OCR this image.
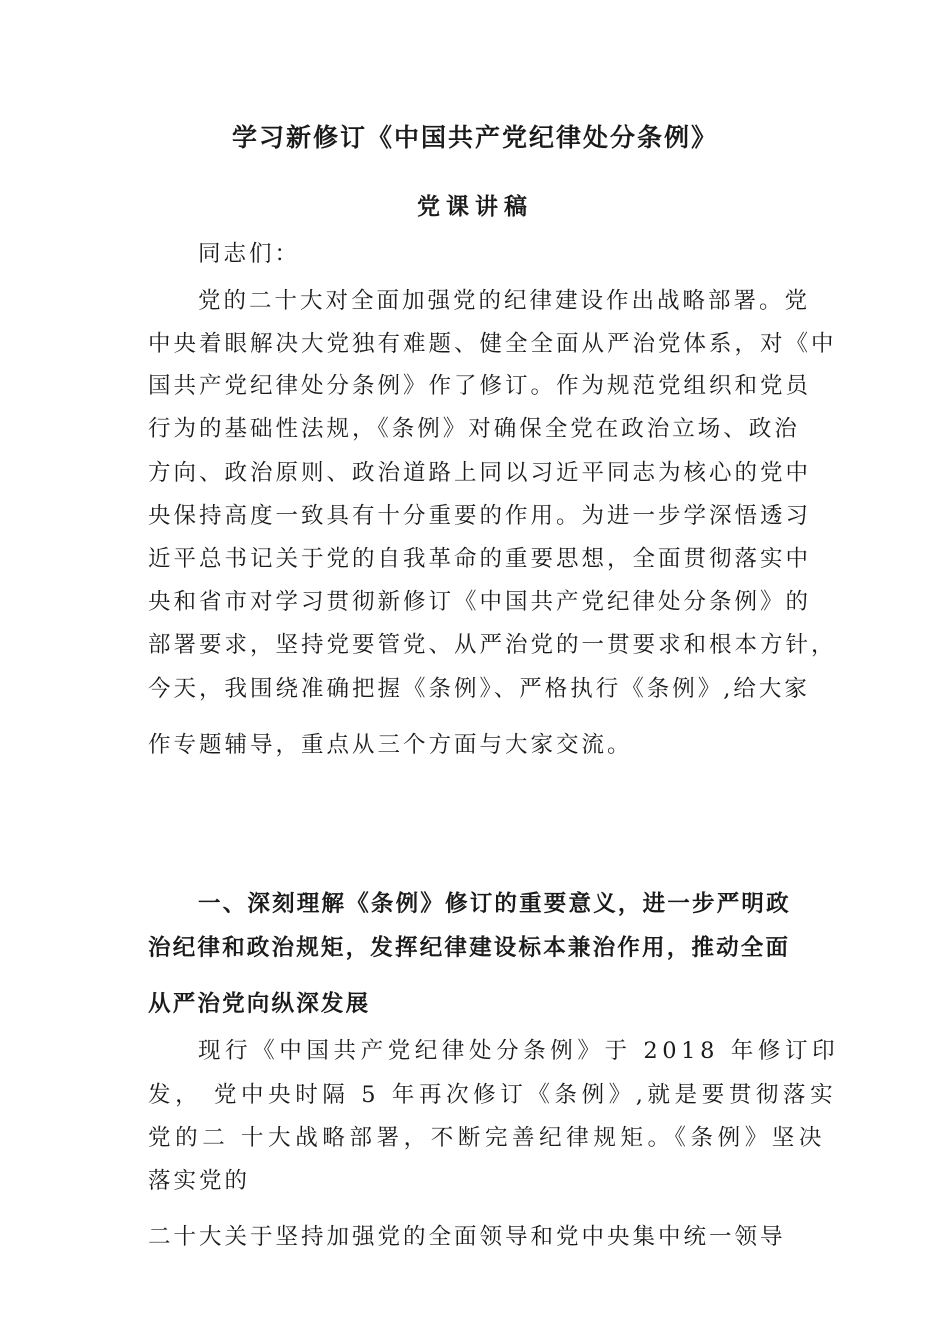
学习新修订《中国共产党纪律处分条例》
党课讲稿
同志们：
党的二十大对全面加强党的纪律建设作出战略部署。党
中央着眼解决大党独有难题、健全全面从严治党体系，对《中
国共产党纪律处分条例》作了修订。作为规范党组织和党员
行为的基础性法规，《条例》对确保全党在政治立场、政治
方向、政治原则、政治道路上同以习近平同志为核心的党中
央保持高度一致具有十分重要的作用。为进一步学深悟透习
近平总书记关于党的自我革命的重要思想，全面贯彻落实中
央和省市对学习贯彻新修订《中国共产党纪律处分条例》的
部署要求，坚持党要管党、从严治党的一贯要求和根本方针，
今天，我围绕准确把握《条例》、严格执行《条例》,给大家
作专题辅导，重点从三个方面与大家交流。
一、深刻理解《条例》修订的重要意义，进一步严明政
治纪律和政治规矩，发挥纪律建设标本兼治作用，推动全面
从严治党向纵深发展
现行《中国共产党纪律处分条例》于 2018 年修订印
发， 党中央时隔 5 年再次修订《条例》,就是要贯彻落实
党的二 十大战略部署，不断完善纪律规矩。《条例》坚决
落实党的
二十大关于坚持加强党的全面领导和党中央集中统一领导
